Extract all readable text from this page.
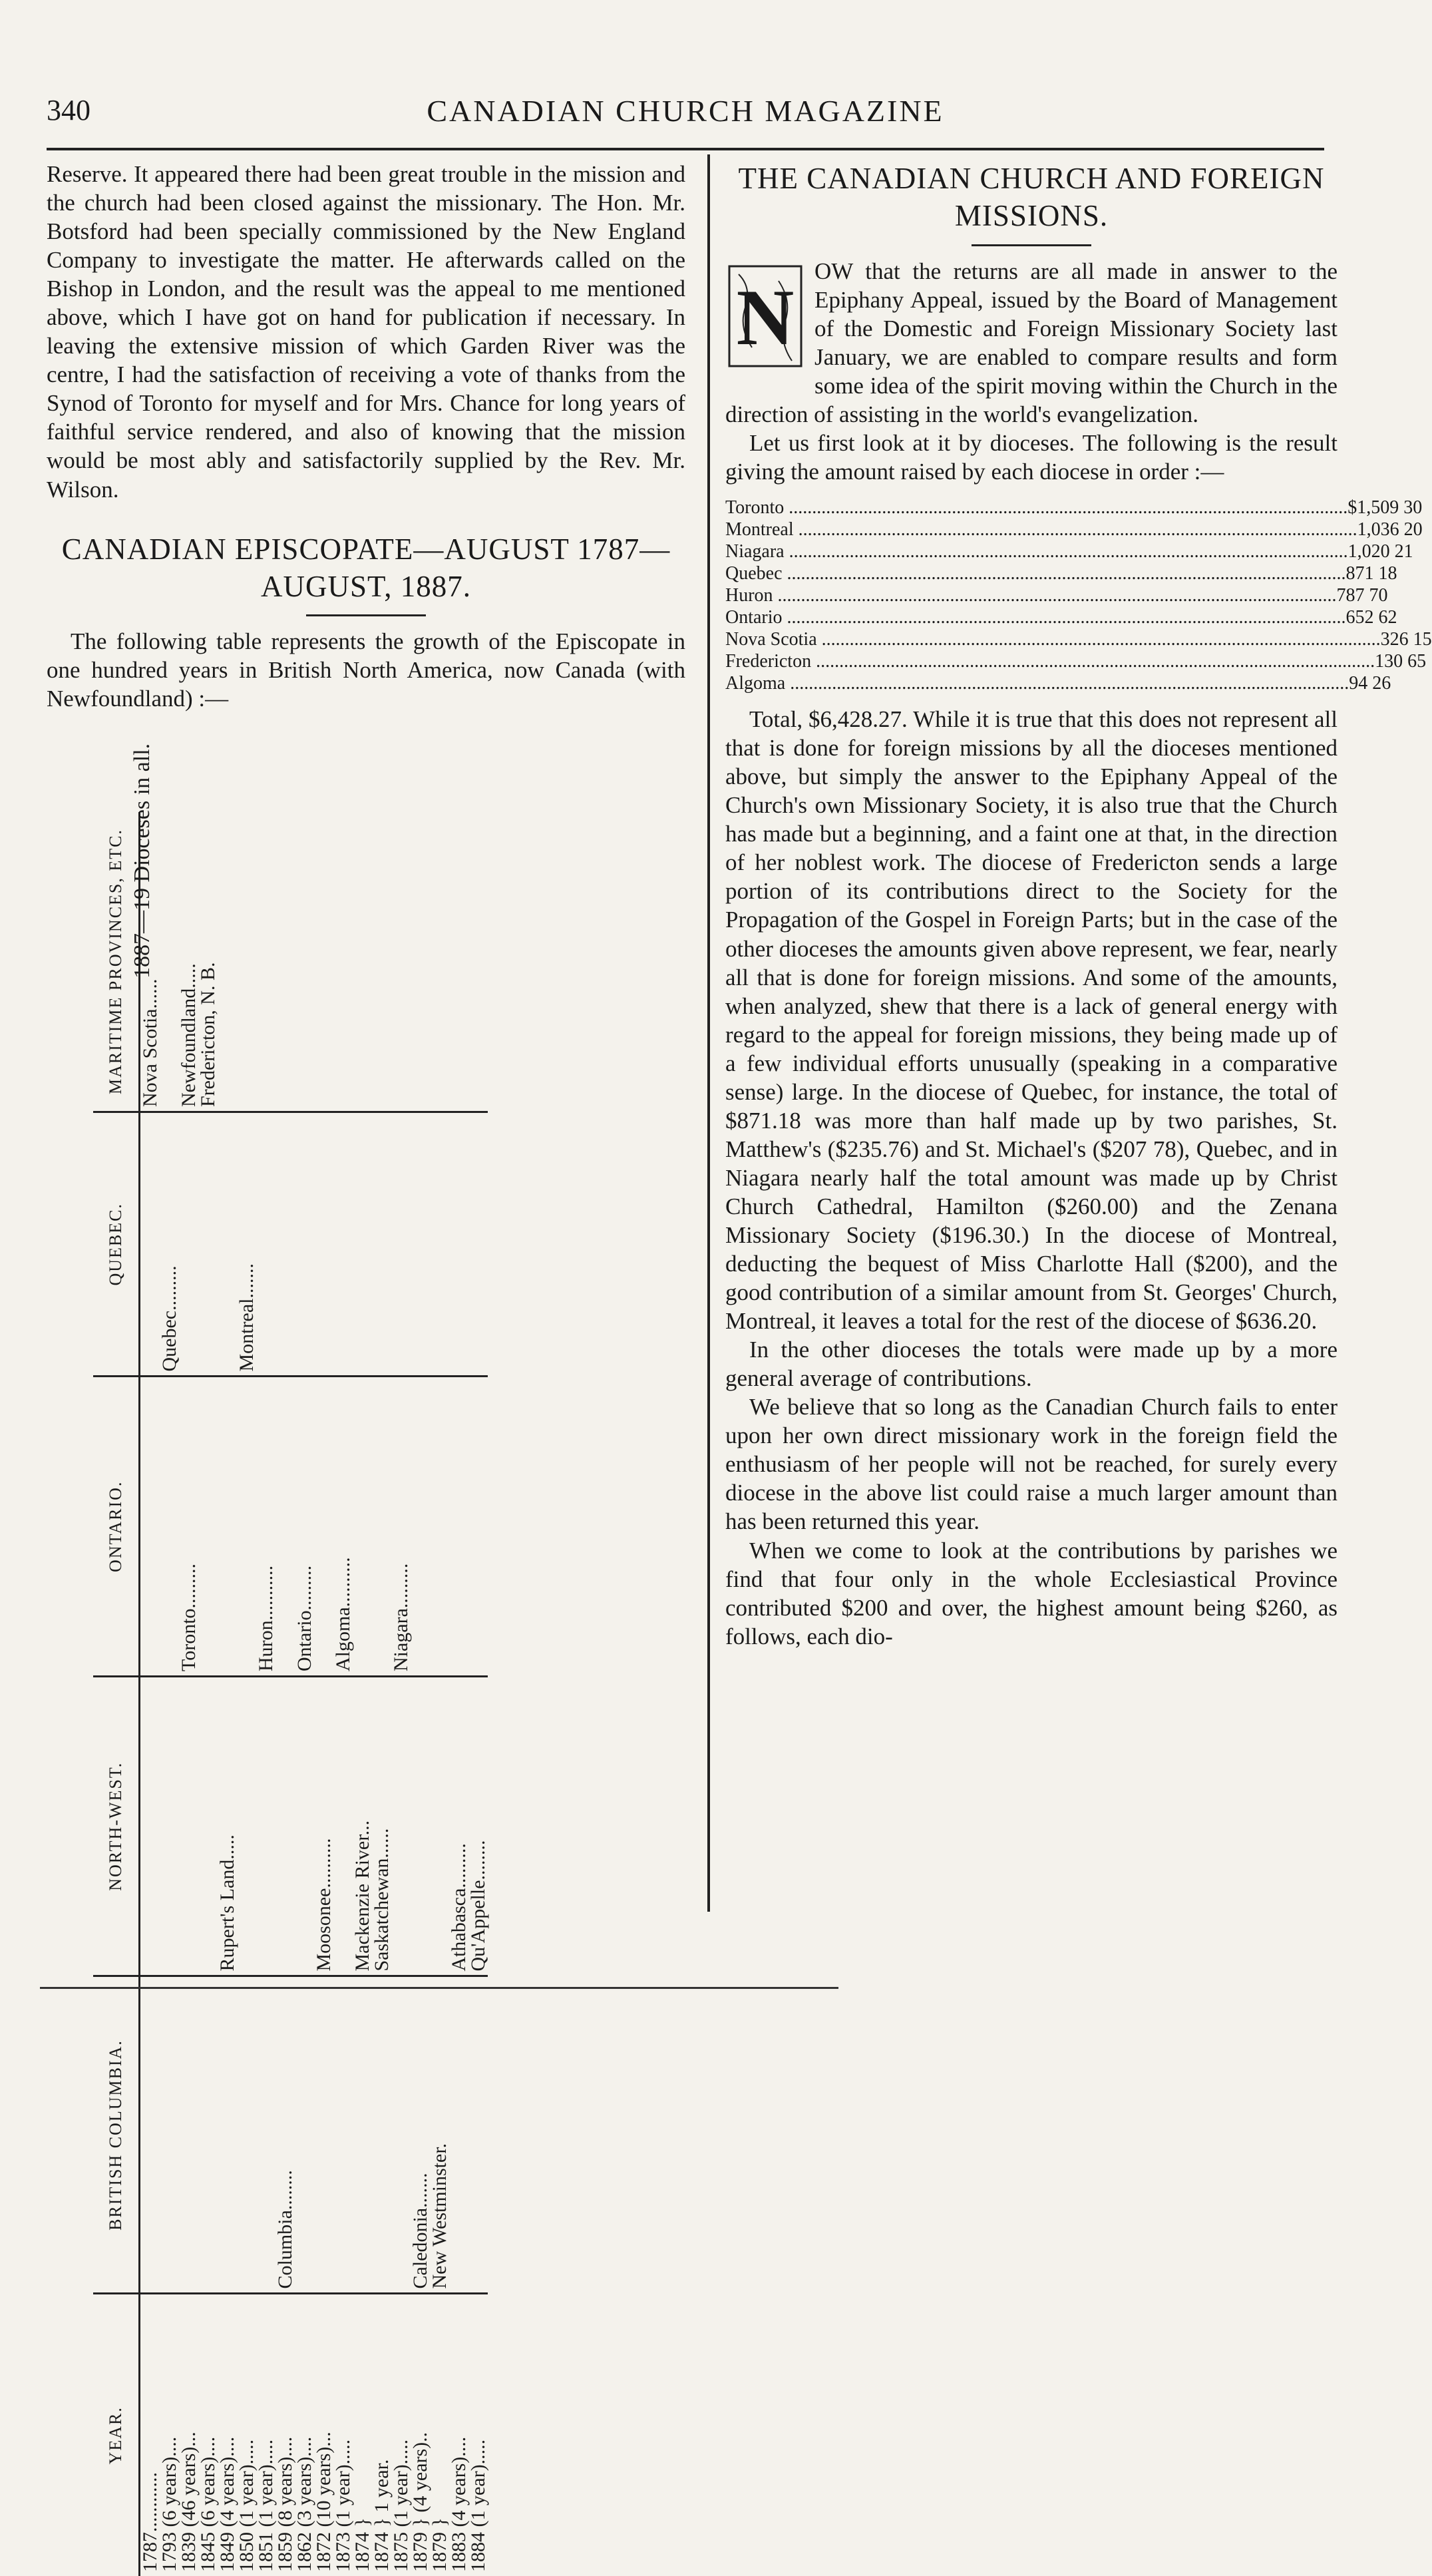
340	CANADIAN CHURCH MAGAZINE

Reserve. It appeared there had been great trouble in the mission and the church had been closed against the missionary. The Hon. Mr. Botsford had been specially commissioned by the New England Company to investigate the matter. He afterwards called on the Bishop in London, and the result was the appeal to me mentioned above, which I have got on hand for publication if necessary. In leaving the extensive mission of which Garden River was the centre, I had the satisfaction of receiving a vote of thanks from the Synod of Toronto for myself and for Mrs. Chance for long years of faithful service rendered, and also of knowing that the mission would be most ably and satisfactorily supplied by the Rev. Mr. Wilson.

CANADIAN EPISCOPATE—AUGUST 1787—AUGUST, 1887.

The following table represents the growth of the Episcopate in one hundred years in British North America, now Canada (with Newfoundland) :—

YEAR.	BRITISH COLUMBIA.	NORTH-WEST.	ONTARIO.	QUEBEC.	MARITIME PROVINCES, ETC.
1787............					Nova Scotia......
1793 (6 years)....				Quebec.........	
1839 (46 years)...			Toronto.........		Newfoundland.....
1845 (6 years)....					Fredericton, N. B.
1849 (4 years)....		Rupert's Land.....			
1850 (1 year).....				Montreal.......	
1851 (1 year).....			Huron...........		
1859 (8 years)....	Columbia........				
1862 (3 years)....			Ontario.........		
1872 (10 years)...		Moosonee..........			
1873 (1 year).....			Algoma..........		
1874 }		Mackenzie River...			
1874 } 1 year.		Saskatchewan......			
1875 (1 year).....			Niagara.........		
1879 } (4 years)..	Caledonia.......				
1879 }	New Westminster.				
1883 (4 years)....		Athabasca.........			
1884 (1 year).....		Qu'Appelle........			
1887—19 Dioceses in all.
THE CANADIAN CHURCH AND FOREIGN MISSIONS.
N

OW that the returns are all made in answer to the Epiphany Appeal, issued by the Board of Management of the Domestic and Foreign Missionary Society last January, we are enabled to compare results and form some idea of the spirit moving within the Church in the direction of assisting in the world's evangelization.

Let us first look at it by dioceses. The following is the result giving the amount raised by each diocese in order :—

Toronto .....	$1,509 30
Montreal .....	1,036 20
Niagara .....	1,020 21
Quebec .....	871 18
Huron .....	787 70
Ontario .....	652 62
Nova Scotia .....	326 15
Fredericton .....	130 65
Algoma .....	94 26

Total, $6,428.27. While it is true that this does not represent all that is done for foreign missions by all the dioceses mentioned above, but simply the answer to the Epiphany Appeal of the Church's own Missionary Society, it is also true that the Church has made but a beginning, and a faint one at that, in the direction of her noblest work. The diocese of Fredericton sends a large portion of its contributions direct to the Society for the Propagation of the Gospel in Foreign Parts; but in the case of the other dioceses the amounts given above represent, we fear, nearly all that is done for foreign missions. And some of the amounts, when analyzed, shew that there is a lack of general energy with regard to the appeal for foreign missions, they being made up of a few individual efforts unusually (speaking in a comparative sense) large. In the diocese of Quebec, for instance, the total of $871.18 was more than half made up by two parishes, St. Matthew's ($235.76) and St. Michael's ($207 78), Quebec, and in Niagara nearly half the total amount was made up by Christ Church Cathedral, Hamilton ($260.00) and the Zenana Missionary Society ($196.30.) In the diocese of Montreal, deducting the bequest of Miss Charlotte Hall ($200), and the good contribution of a similar amount from St. Georges' Church, Montreal, it leaves a total for the rest of the diocese of $636.20.

In the other dioceses the totals were made up by a more general average of contributions.

We believe that so long as the Canadian Church fails to enter upon her own direct missionary work in the foreign field the enthusiasm of her people will not be reached, for surely every diocese in the above list could raise a much larger amount than has been returned this year.

When we come to look at the contributions by parishes we find that four only in the whole Ecclesiastical Province contributed $200 and over, the highest amount being $260, as follows, each dio-
